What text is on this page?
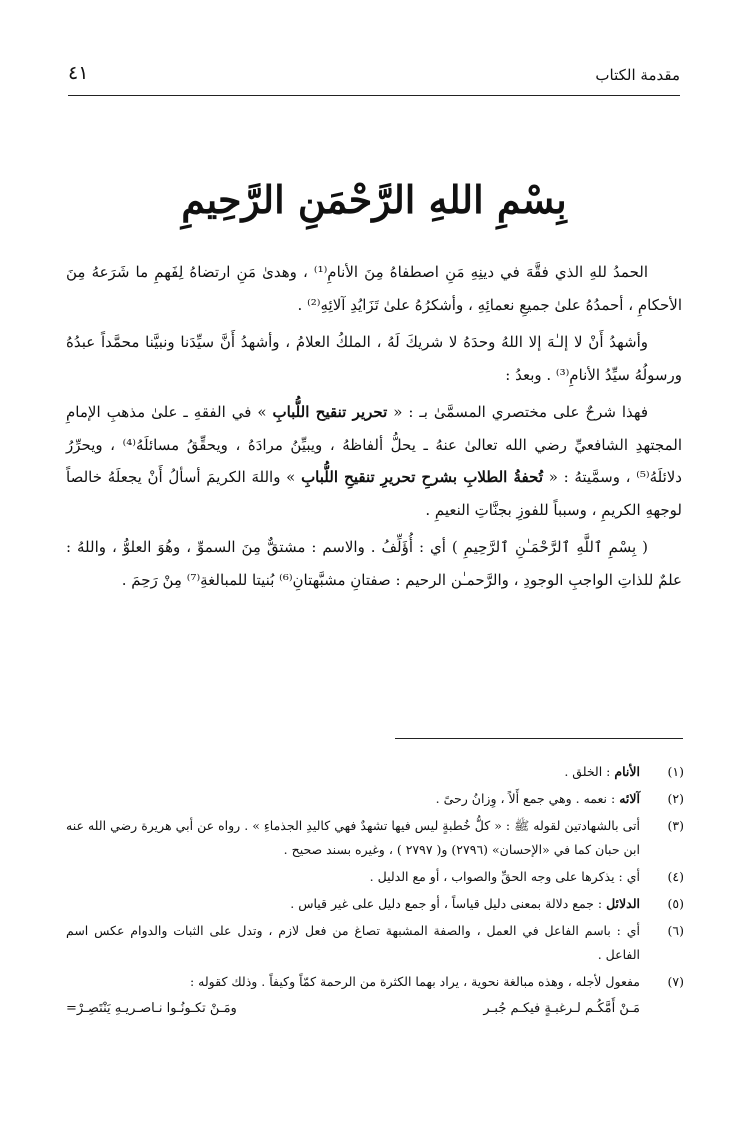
مقدمة الكتاب
٤١
بِسْمِ اللهِ الرَّحْمَنِ الرَّحِيمِ

الحمدُ للهِ الذي فقَّهَ في دينِهِ مَنِ اصطفاهُ مِنَ الأنامِ⁽¹⁾ ، وهدىٰ مَنِ ارتضاهُ لِفَهمِ ما شَرَعهُ مِنَ الأحكامِ ، أحمدُهُ علىٰ جميعِ نعمائِهِ ، وأشكرُهُ علىٰ تَزَايُدِ آلائِهِ⁽²⁾ .

وأشهدُ أَنْ لا إلـٰهَ إلا اللهُ وحدَهُ لا شريكَ لَهُ ، الملكُ العلامُ ، وأشهدُ أَنَّ سيِّدَنا ونبيَّنا محمَّداً عبدُهُ ورسولُهُ سيِّدُ الأنامِ⁽³⁾ . وبعدُ :

فهذا شرحٌ على مختصري المسمَّىٰ بـ : « تحرير تنقيح اللُّبابِ » في الفقهِ ـ علىٰ مذهبِ الإمامِ المجتهدِ الشافعيِّ رضي الله تعالىٰ عنهُ ـ يحلُّ ألفاظهُ ، ويبيِّنُ مرادَهُ ، ويحقِّقُ مسائلَهُ⁽⁴⁾ ، ويحرِّرُ دلائلَهُ⁽⁵⁾ ، وسمَّيتهُ : « تُحفةُ الطلابِ بشرحِ تحريرِ تنقيحِ اللُّبابِ » واللهَ الكريمَ أسألُ أَنْ يجعلَهُ خالصاً لوجههِ الكريمِ ، وسبباً للفوزِ بجنَّاتِ النعيمِ .

( بِسْمِ ٱللَّهِ ٱلرَّحْمَـٰنِ ٱلرَّحِيمِ ) أي : أُؤَلِّفُ . والاسم : مشتقٌّ مِنَ السموِّ ، وهُوَ العلوُّ ، واللهُ : علمٌ للذاتِ الواجبِ الوجودِ ، والرَّحمـٰن الرحيم : صفتانِ مشبَّهتانِ⁽⁶⁾ بُنيتا للمبالغةِ⁽⁷⁾ مِنْ رَحِمَ .

(١)
الأنام : الخلق .
(٢)
آلائه : نعمه . وهي جمع أَلاً ، وِزانُ رحىً .
(٣)
أتى بالشهادتين لقوله ﷺ : « كلُّ خُطبةٍ ليس فيها تشهدٌ فهي كاليدِ الجذماءِ » . رواه عن أبي هريرة رضي الله عنه ابن حبان كما في «الإحسان» (٢٧٩٦) و( ٢٧٩٧ ) ، وغيره بسند صحيح .
(٤)
أي : يذكرها على وجه الحقِّ والصواب ، أو مع الدليل .
(٥)
الدلائل : جمع دلالة بمعنى دليل قياساً ، أو جمع دليل على غير قياس .
(٦)
أي : باسم الفاعل في العمل ، والصفة المشبهة تصاغ من فعل لازم ، وتدل على الثبات والدوام عكس اسم الفاعل .
(٧)
مفعول لأجله ، وهذه مبالغة نحوية ، يراد بهما الكثرة من الرحمة كمّاً وكيفاً . وذلك كقوله :
مَـنْ أَمَّكُـم لـرغبـةٍ فيكـم جُبـر
ومَـنْ تكـونُـوا نـاصـريـهِ يَنْتَصِـرْ=
